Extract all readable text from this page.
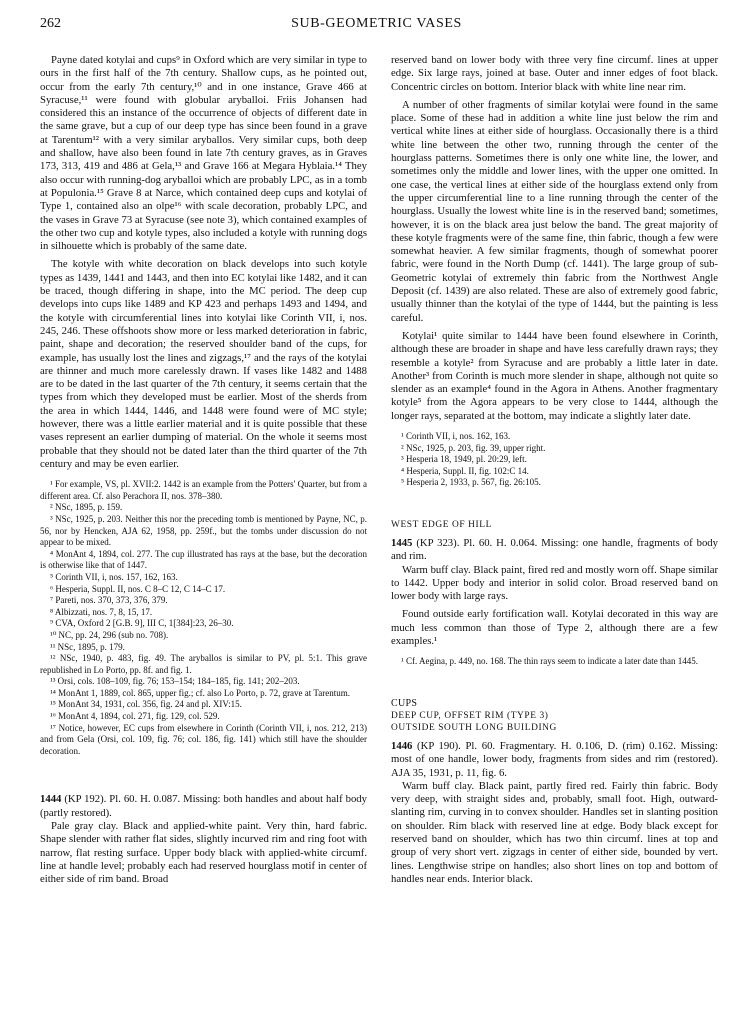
262	SUB-GEOMETRIC VASES

Payne dated kotylai and cups⁹ in Oxford which are very similar in type to ours in the first half of the 7th century. Shallow cups, as he pointed out, occur from the early 7th century,¹⁰ and in one instance, Grave 466 at Syracuse,¹¹ were found with globular aryballoi. Friis Johansen had considered this an instance of the occurrence of objects of different date in the same grave, but a cup of our deep type has since been found in a grave at Tarentum¹² with a very similar aryballos. Very similar cups, both deep and shallow, have also been found in late 7th century graves, as in Graves 173, 313, 419 and 486 at Gela,¹³ and Grave 166 at Megara Hyblaia.¹⁴ They also occur with running-dog aryballoi which are probably LPC, as in a tomb at Populonia.¹⁵ Grave 8 at Narce, which contained deep cups and kotylai of Type 1, contained also an olpe¹⁶ with scale decoration, probably LPC, and the vases in Grave 73 at Syracuse (see note 3), which contained examples of the other two cup and kotyle types, also included a kotyle with running dogs in silhouette which is probably of the same date.

The kotyle with white decoration on black develops into such kotyle types as 1439, 1441 and 1443, and then into EC kotylai like 1482, and it can be traced, though differing in shape, into the MC period. The deep cup develops into cups like 1489 and KP 423 and perhaps 1493 and 1494, and the kotyle with circumferential lines into kotylai like Corinth VII, i, nos. 245, 246. These offshoots show more or less marked deterioration in fabric, paint, shape and decoration; the reserved shoulder band of the cups, for example, has usually lost the lines and zigzags,¹⁷ and the rays of the kotylai are thinner and much more carelessly drawn. If vases like 1482 and 1488 are to be dated in the last quarter of the 7th century, it seems certain that the types from which they developed must be earlier. Most of the sherds from the area in which 1444, 1446, and 1448 were found were of MC style; however, there was a little earlier material and it is quite possible that these vases represent an earlier dumping of material. On the whole it seems most probable that they should not be dated later than the third quarter of the 7th century and may be even earlier.

¹ For example, VS, pl. XVII:2. 1442 is an example from the Potters' Quarter, but from a different area. Cf. also Perachora II, nos. 378–380.

² NSc, 1895, p. 159.

³ NSc, 1925, p. 203. Neither this nor the preceding tomb is mentioned by Payne, NC, p. 56, nor by Hencken, AJA 62, 1958, pp. 259f., but the tombs under discussion do not appear to be mixed.

⁴ MonAnt 4, 1894, col. 277. The cup illustrated has rays at the base, but the decoration is otherwise like that of 1447.

⁵ Corinth VII, i, nos. 157, 162, 163.

⁶ Hesperia, Suppl. II, nos. C 8–C 12, C 14–C 17.

⁷ Pareti, nos. 370, 373, 376, 379.

⁸ Albizzati, nos. 7, 8, 15, 17.

⁹ CVA, Oxford 2 [G.B. 9], III C, 1[384]:23, 26–30.

¹⁰ NC, pp. 24, 296 (sub no. 708).

¹¹ NSc, 1895, p. 179.

¹² NSc, 1940, p. 483, fig. 49. The aryballos is similar to PV, pl. 5:1. This grave republished in Lo Porto, pp. 8f. and fig. 1.

¹³ Orsi, cols. 108–109, fig. 76; 153–154; 184–185, fig. 141; 202–203.

¹⁴ MonAnt 1, 1889, col. 865, upper fig.; cf. also Lo Porto, p. 72, grave at Tarentum.

¹⁵ MonAnt 34, 1931, col. 356, fig. 24 and pl. XIV:15.

¹⁶ MonAnt 4, 1894, col. 271, fig. 129, col. 529.

¹⁷ Notice, however, EC cups from elsewhere in Corinth (Corinth VII, i, nos. 212, 213) and from Gela (Orsi, col. 109, fig. 76; col. 186, fig. 141) which still have the shoulder decoration.

1444 (KP 192). Pl. 60. H. 0.087. Missing: both handles and about half body (partly restored).

Pale gray clay. Black and applied-white paint. Very thin, hard fabric. Shape slender with rather flat sides, slightly incurved rim and ring foot with narrow, flat resting surface. Upper body black with applied-white circumf. line at handle level; probably each had reserved hourglass motif in center of either side of rim band. Broad

reserved band on lower body with three very fine circumf. lines at upper edge. Six large rays, joined at base. Outer and inner edges of foot black. Concentric circles on bottom. Interior black with white line near rim.

A number of other fragments of similar kotylai were found in the same place. Some of these had in addition a white line just below the rim and vertical white lines at either side of hourglass. Occasionally there is a third white line between the other two, running through the center of the hourglass patterns. Sometimes there is only one white line, the lower, and sometimes only the middle and lower lines, with the upper one omitted. In one case, the vertical lines at either side of the hourglass extend only from the upper circumferential line to a line running through the center of the hourglass. Usually the lowest white line is in the reserved band; sometimes, however, it is on the black area just below the band. The great majority of these kotyle fragments were of the same fine, thin fabric, though a few were somewhat heavier. A few similar fragments, though of somewhat poorer fabric, were found in the North Dump (cf. 1441). The large group of sub-Geometric kotylai of extremely thin fabric from the Northwest Angle Deposit (cf. 1439) are also related. These are also of extremely good fabric, usually thinner than the kotylai of the type of 1444, but the painting is less careful.

Kotylai¹ quite similar to 1444 have been found elsewhere in Corinth, although these are broader in shape and have less carefully drawn rays; they resemble a kotyle² from Syracuse and are probably a little later in date. Another³ from Corinth is much more slender in shape, although not quite so slender as an example⁴ found in the Agora in Athens. Another fragmentary kotyle⁵ from the Agora appears to be very close to 1444, although the longer rays, separated at the bottom, may indicate a slightly later date.

¹ Corinth VII, i, nos. 162, 163.

² NSc, 1925, p. 203, fig. 39, upper right.

³ Hesperia 18, 1949, pl. 20:29, left.

⁴ Hesperia, Suppl. II, fig. 102:C 14.

⁵ Hesperia 2, 1933, p. 567, fig. 26:105.

WEST EDGE OF HILL

1445 (KP 323). Pl. 60. H. 0.064. Missing: one handle, fragments of body and rim.

Warm buff clay. Black paint, fired red and mostly worn off. Shape similar to 1442. Upper body and interior in solid color. Broad reserved band on lower body with large rays.

Found outside early fortification wall. Kotylai decorated in this way are much less common than those of Type 2, although there are a few examples.¹

¹ Cf. Aegina, p. 449, no. 168. The thin rays seem to indicate a later date than 1445.

CUPS

DEEP CUP, OFFSET RIM (TYPE 3)

OUTSIDE SOUTH LONG BUILDING

1446 (KP 190). Pl. 60. Fragmentary. H. 0.106, D. (rim) 0.162. Missing: most of one handle, lower body, fragments from sides and rim (restored). AJA 35, 1931, p. 11, fig. 6.

Warm buff clay. Black paint, partly fired red. Fairly thin fabric. Body very deep, with straight sides and, probably, small foot. High, outward-slanting rim, curving in to convex shoulder. Handles set in slanting position on shoulder. Rim black with reserved line at edge. Body black except for reserved band on shoulder, which has two thin circumf. lines at top and group of very short vert. zigzags in center of either side, bounded by vert. lines. Lengthwise stripe on handles; also short lines on top and bottom of handles near ends. Interior black.
